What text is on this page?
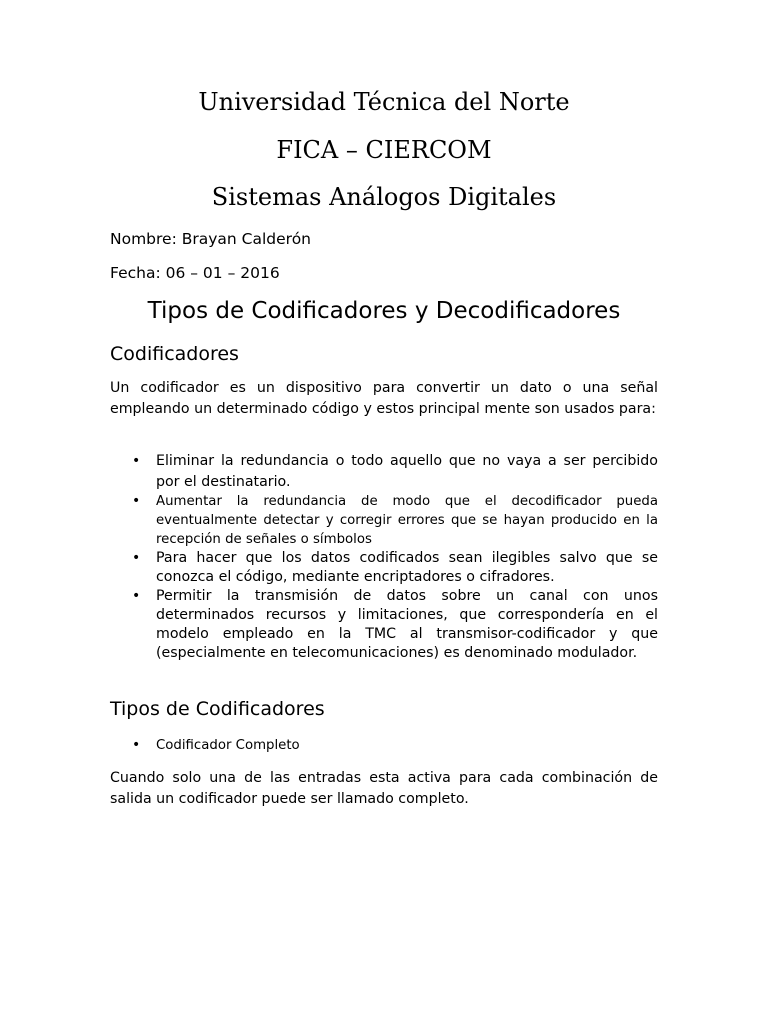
Universidad Técnica del Norte
FICA – CIERCOM
Sistemas Análogos Digitales
Nombre: Brayan Calderón
Fecha: 06 – 01 – 2016
Tipos de Codificadores y Decodificadores
Codificadores
Un codificador es un dispositivo para convertir un dato o una señal empleando un determinado código y estos principal mente son usados para:
• Eliminar la redundancia o todo aquello que no vaya a ser percibido por el destinatario.
• Aumentar la redundancia de modo que el decodificador pueda eventualmente detectar y corregir errores que se hayan producido en la recepción de señales o símbolos
• Para hacer que los datos codificados sean ilegibles salvo que se conozca el código, mediante encriptadores o cifradores.
• Permitir la transmisión de datos sobre un canal con unos determinados recursos y limitaciones, que correspondería en el modelo empleado en la TMC al transmisor-codificador y que (especialmente en telecomunicaciones) es denominado modulador.
Tipos de Codificadores
• Codificador Completo
Cuando solo una de las entradas esta activa para cada combinación de salida un codificador puede ser llamado completo.
